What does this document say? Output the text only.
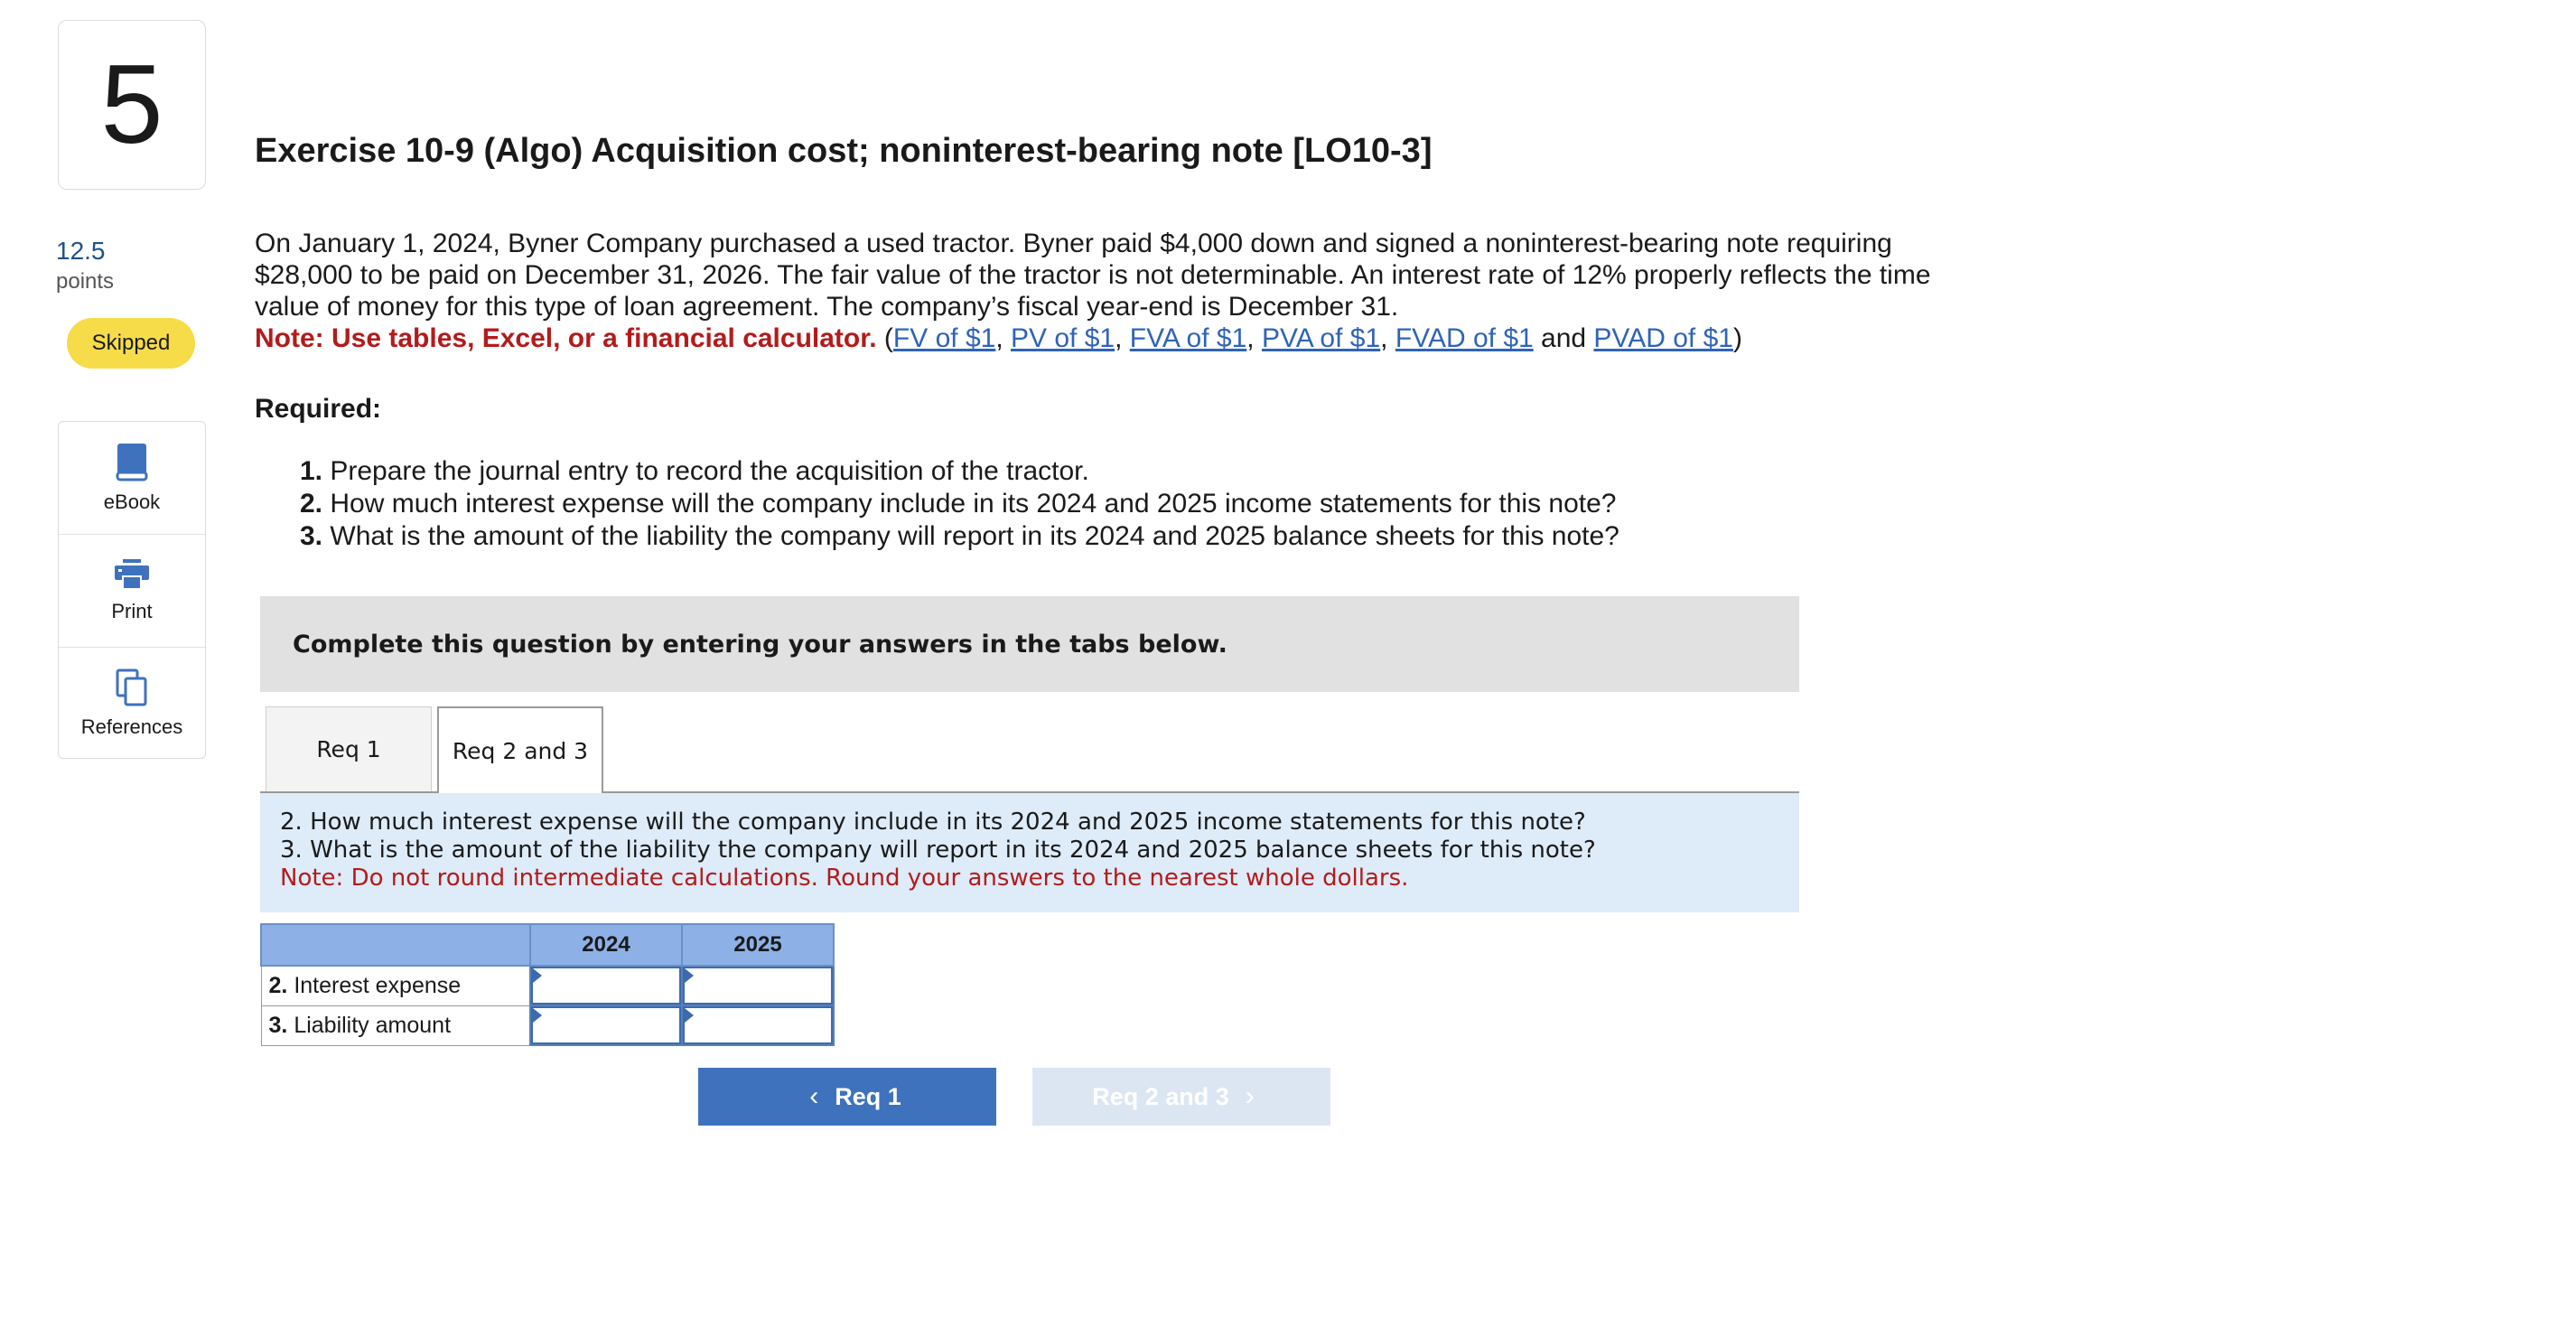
5
12.5
points
Skipped
eBook
Print
References
Exercise 10-9 (Algo) Acquisition cost; noninterest-bearing note [LO10-3]

On January 1, 2024, Byner Company purchased a used tractor. Byner paid $4,000 down and signed a noninterest-bearing note requiring $28,000 to be paid on December 31, 2026. The fair value of the tractor is not determinable. An interest rate of 12% properly reflects the time value of money for this type of loan agreement. The company’s fiscal year-end is December 31.

Note: Use tables, Excel, or a financial calculator. (FV of $1, PV of $1, FVA of $1, PVA of $1, FVAD of $1 and PVAD of $1)

Required:
1. Prepare the journal entry to record the acquisition of the tractor.
2. How much interest expense will the company include in its 2024 and 2025 income statements for this note?
3. What is the amount of the liability the company will report in its 2024 and 2025 balance sheets for this note?
Complete this question by entering your answers in the tabs below.
Req 1	Req 2 and 3
2. How much interest expense will the company include in its 2024 and 2025 income statements for this note?
3. What is the amount of the liability the company will report in its 2024 and 2025 balance sheets for this note?
Note: Do not round intermediate calculations. Round your answers to the nearest whole dollars.
	2024	2025
2. Interest expense	

3. Liability amount	

‹ Req 1	Req 2 and 3 ›
